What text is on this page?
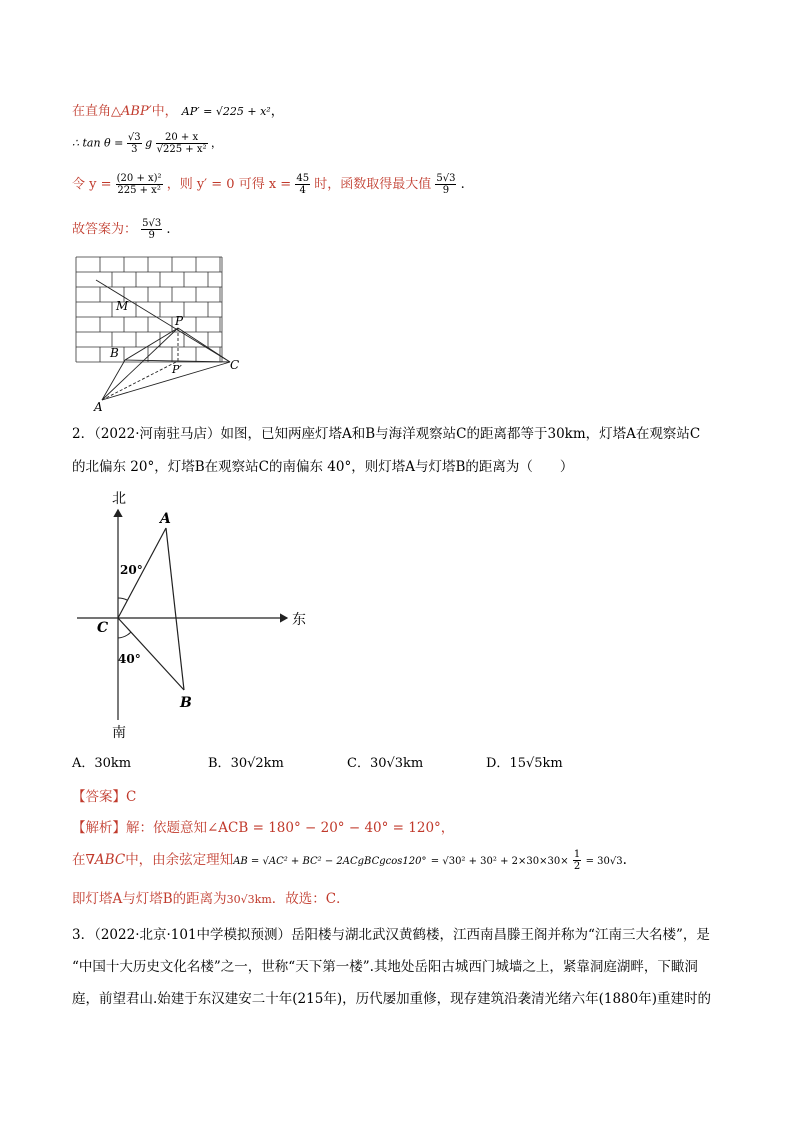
在直角△ABP′中， AP′ = √225 + x²，
∴ $\tan \theta = \frac{√3}{3}$ g $\frac{20 + x}{\text{√225 + x²}}$ ，
令 $y = \frac{\text{(20 + x)²}}{\text{225 + x²}}$ ，则 y′ = 0 可得 $x = \frac{45}{4}$ 时，函数取得最大值 $\frac{5√3}{9}$ .
故答案为： $\frac{5√3}{9}$ .
M
P
B
P′	C
A
2．（2022·河南驻马店）如图，已知两座灯塔A和B与海洋观察站C的距离都等于30km，灯塔A在观察站C
的北偏东 20°，灯塔B在观察站C的南偏东 40°，则灯塔A与灯塔B的距离为（　　）
北
南
东
A
B
C
20°
40°
A．30km	B．30√2km	C．30√3km	D．15√5km
【答案】C
【解析】解：依题意知∠ACB = 180° − 20° − 40° = 120°，
在∇ABC中，由余弦定理知AB = √AC² + BC² − 2ACgBCgcos120° = $√30^2 + 30^2 + 2\times 30\times 30\times \frac{1}{2} = 30√3$.
即灯塔A与灯塔B的距离为30√3km．故选：C．
3．（2022·北京·101中学模拟预测）岳阳楼与湖北武汉黄鹤楼，江西南昌滕王阁并称为“江南三大名楼”，是
“中国十大历史文化名楼”之一，世称“天下第一楼”.其地处岳阳古城西门城墙之上，紧靠洞庭湖畔，下瞰洞
庭，前望君山.始建于东汉建安二十年(215年)，历代屡加重修，现存建筑沿袭清光绪六年(1880年)重建时的
